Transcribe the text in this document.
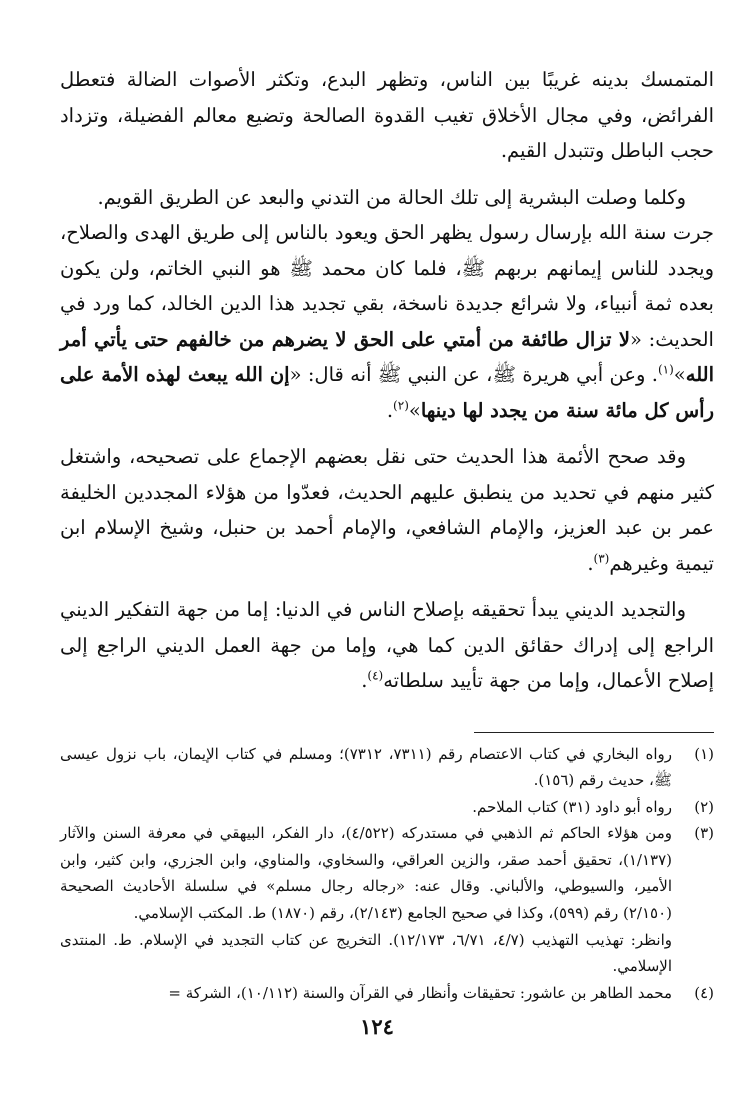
المتمسك بدينه غريبًا بين الناس، وتظهر البدع، وتكثر الأصوات الضالة فتعطل الفرائض، وفي مجال الأخلاق تغيب القدوة الصالحة وتضيع معالم الفضيلة، وتزداد حجب الباطل وتتبدل القيم.

وكلما وصلت البشرية إلى تلك الحالة من التدني والبعد عن الطريق القويم.
جرت سنة الله بإرسال رسول يظهر الحق ويعود بالناس إلى طريق الهدى والصلاح، ويجدد للناس إيمانهم بربهم ﷺ، فلما كان محمد ﷺ هو النبي الخاتم، ولن يكون بعده ثمة أنبياء، ولا شرائع جديدة ناسخة، بقي تجديد هذا الدين الخالد، كما ورد في الحديث: «لا تزال طائفة من أمتي على الحق لا يضرهم من خالفهم حتى يأتي أمر الله»$^{(١)}$. وعن أبي هريرة ﷺ، عن النبي ﷺ أنه قال: «إن الله يبعث لهذه الأمة على رأس كل مائة سنة من يجدد لها دينها»$^{(٢)}$.

وقد صحح الأئمة هذا الحديث حتى نقل بعضهم الإجماع على تصحيحه، واشتغل كثير منهم في تحديد من ينطبق عليهم الحديث، فعدّوا من هؤلاء المجددين الخليفة عمر بن عبد العزيز، والإمام الشافعي، والإمام أحمد بن حنبل، وشيخ الإسلام ابن تيمية وغيرهم$^{(٣)}$.

والتجديد الديني يبدأ تحقيقه بإصلاح الناس في الدنيا: إما من جهة التفكير الديني الراجع إلى إدراك حقائق الدين كما هي، وإما من جهة العمل الديني الراجع إلى إصلاح الأعمال، وإما من جهة تأييد سلطاته$^{(٤)}$.

(١)
رواه البخاري في كتاب الاعتصام رقم (٧٣١١، ٧٣١٢)؛ ومسلم في كتاب الإيمان، باب نزول عيسى ﷺ، حديث رقم (١٥٦).
(٢)
رواه أبو داود (٣١) كتاب الملاحم.
(٣)
ومن هؤلاء الحاكم ثم الذهبي في مستدركه (٤/٥٢٢)، دار الفكر، البيهقي في معرفة السنن والآثار (١/١٣٧)، تحقيق أحمد صقر، والزين العراقي، والسخاوي، والمناوي، وابن الجزري، وابن كثير، وابن الأمير، والسيوطي، والألباني. وقال عنه: «رجاله رجال مسلم» في سلسلة الأحاديث الصحيحة (٢/١٥٠) رقم (٥٩٩)، وكذا في صحيح الجامع (٢/١٤٣)، رقم (١٨٧٠) ط. المكتب الإسلامي.
وانظر: تهذيب التهذيب (٤/٧، ٦/٧١، ١٢/١٧٣). التخريج عن كتاب التجديد في الإسلام. ط. المنتدى الإسلامي.
(٤)
محمد الطاهر بن عاشور: تحقيقات وأنظار في القرآن والسنة (١٠/١١٢)، الشركة =
١٢٤
